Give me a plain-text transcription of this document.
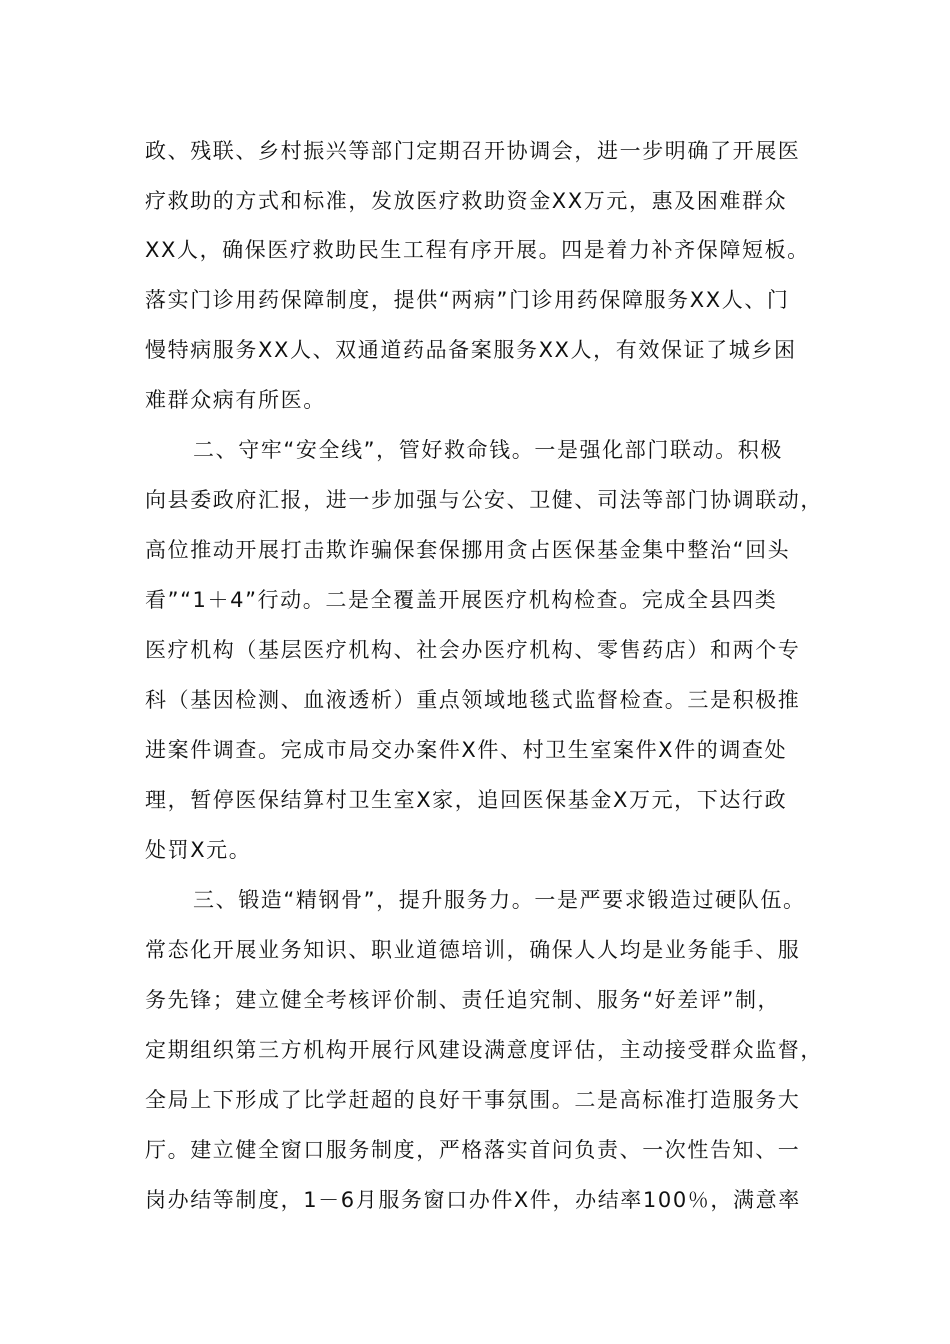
政、残联、乡村振兴等部门定期召开协调会，进一步明确了开展医
疗救助的方式和标准，发放医疗救助资金XX万元，惠及困难群众
XX人，确保医疗救助民生工程有序开展。四是着力补齐保障短板。
落实门诊用药保障制度，提供“两病”门诊用药保障服务XX人、门
慢特病服务XX人、双通道药品备案服务XX人，有效保证了城乡困
难群众病有所医。
二、守牢“安全线”，管好救命钱。一是强化部门联动。积极
向县委政府汇报，进一步加强与公安、卫健、司法等部门协调联动，
高位推动开展打击欺诈骗保套保挪用贪占医保基金集中整治“回头
看”“1＋4”行动。二是全覆盖开展医疗机构检查。完成全县四类
医疗机构（基层医疗机构、社会办医疗机构、零售药店）和两个专
科（基因检测、血液透析）重点领域地毯式监督检查。三是积极推
进案件调查。完成市局交办案件X件、村卫生室案件X件的调查处
理，暂停医保结算村卫生室X家，追回医保基金X万元，下达行政
处罚X元。
三、锻造“精钢骨”，提升服务力。一是严要求锻造过硬队伍。
常态化开展业务知识、职业道德培训，确保人人均是业务能手、服
务先锋；建立健全考核评价制、责任追究制、服务“好差评”制，
定期组织第三方机构开展行风建设满意度评估，主动接受群众监督，
全局上下形成了比学赶超的良好干事氛围。二是高标准打造服务大
厅。建立健全窗口服务制度，严格落实首问负责、一次性告知、一
岗办结等制度，1－6月服务窗口办件X件，办结率100％，满意率
